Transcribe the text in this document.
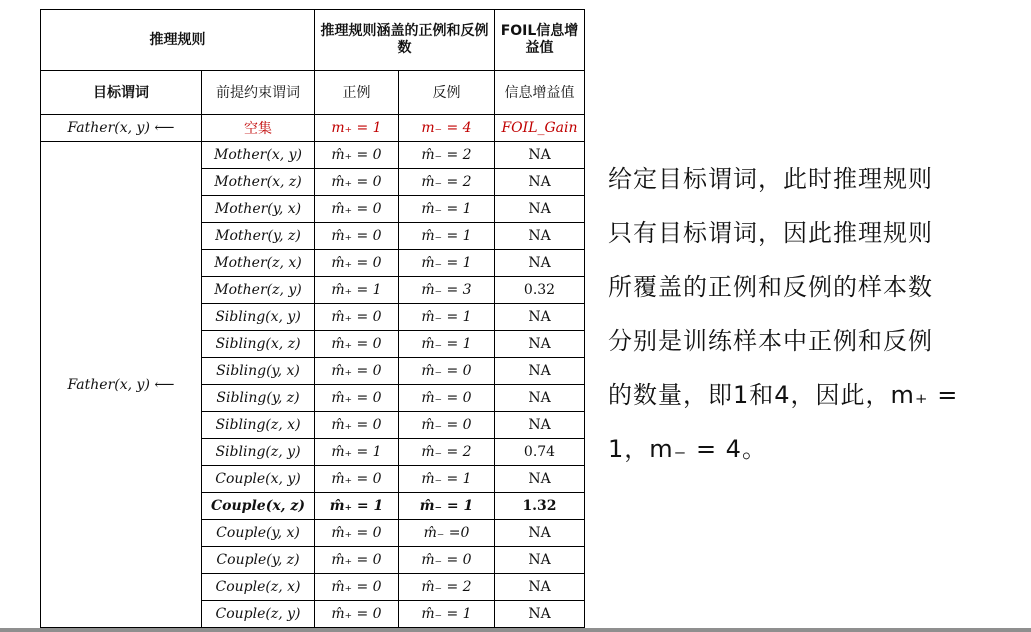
推理规则		推理规则涵盖的正例和反例数		FOIL信息增益值
目标谓词	前提约束谓词	正例	反例	信息增益值
Father(x, y) ⟵	空集	m₊ = 1	m₋ = 4	FOIL_Gain
Father(x, y) ⟵	Mother(x, y)	m̂₊ = 0	m̂₋ = 2	NA
	Mother(x, z)	m̂₊ = 0	m̂₋ = 2	NA
	Mother(y, x)	m̂₊ = 0	m̂₋ = 1	NA
	Mother(y, z)	m̂₊ = 0	m̂₋ = 1	NA
	Mother(z, x)	m̂₊ = 0	m̂₋ = 1	NA
	Mother(z, y)	m̂₊ = 1	m̂₋ = 3	0.32
	Sibling(x, y)	m̂₊ = 0	m̂₋ = 1	NA
	Sibling(x, z)	m̂₊ = 0	m̂₋ = 1	NA
	Sibling(y, x)	m̂₊ = 0	m̂₋ = 0	NA
	Sibling(y, z)	m̂₊ = 0	m̂₋ = 0	NA
	Sibling(z, x)	m̂₊ = 0	m̂₋ = 0	NA
	Sibling(z, y)	m̂₊ = 1	m̂₋ = 2	0.74
	Couple(x, y)	m̂₊ = 0	m̂₋ = 1	NA
	Couple(x, z)	m̂₊ = 1	m̂₋ = 1	1.32
	Couple(y, x)	m̂₊ = 0	m̂₋ =0	NA
	Couple(y, z)	m̂₊ = 0	m̂₋ = 0	NA
	Couple(z, x)	m̂₊ = 0	m̂₋ = 2	NA
	Couple(z, y)	m̂₊ = 0	m̂₋ = 1	NA

给定目标谓词，此时推理规则

只有目标谓词，因此推理规则

所覆盖的正例和反例的样本数

分别是训练样本中正例和反例

的数量，即1和4，因此，m₊ =

1，m₋ = 4。
